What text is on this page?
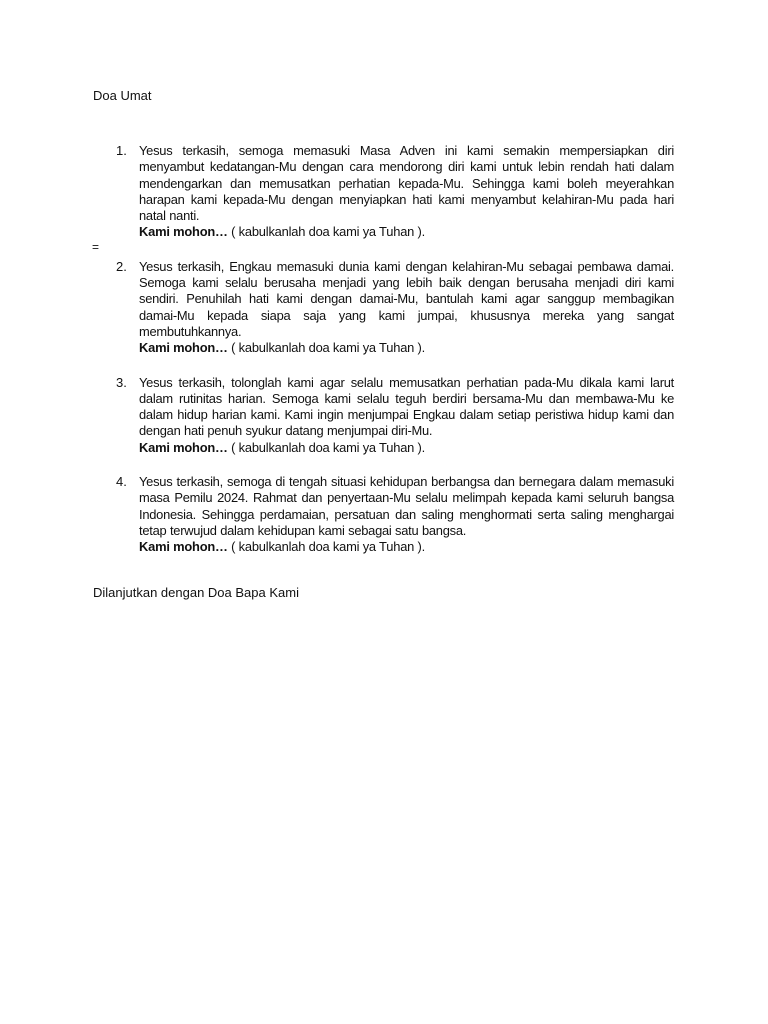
Doa Umat
1. Yesus terkasih, semoga memasuki Masa Adven ini kami semakin mempersiapkan diri menyambut kedatangan-Mu dengan cara mendorong diri kami untuk lebin rendah hati dalam mendengarkan dan memusatkan perhatian kepada-Mu. Sehingga kami boleh meyerahkan harapan kami kepada-Mu dengan menyiapkan hati kami menyambut kelahiran-Mu pada hari natal nanti.
Kami mohon… ( kabulkanlah doa kami ya Tuhan ).
2. Yesus terkasih, Engkau memasuki dunia kami dengan kelahiran-Mu sebagai pembawa damai. Semoga kami selalu berusaha menjadi yang lebih baik dengan berusaha menjadi diri kami sendiri. Penuhilah hati kami dengan damai-Mu, bantulah kami agar sanggup membagikan damai-Mu kepada siapa saja yang kami jumpai, khususnya mereka yang sangat membutuhkannya.
Kami mohon… ( kabulkanlah doa kami ya Tuhan ).
3. Yesus terkasih, tolonglah kami agar selalu memusatkan perhatian pada-Mu dikala kami larut dalam rutinitas harian. Semoga kami selalu teguh berdiri bersama-Mu dan membawa-Mu ke dalam hidup harian kami. Kami ingin menjumpai Engkau dalam setiap peristiwa hidup kami dan dengan hati penuh syukur datang menjumpai diri-Mu.
Kami mohon… ( kabulkanlah doa kami ya Tuhan ).
4. Yesus terkasih, semoga di tengah situasi kehidupan berbangsa dan bernegara dalam memasuki masa Pemilu 2024. Rahmat dan penyertaan-Mu selalu melimpah kepada kami seluruh bangsa Indonesia. Sehingga perdamaian, persatuan dan saling menghormati serta saling menghargai tetap terwujud dalam kehidupan kami sebagai satu bangsa.
Kami mohon… ( kabulkanlah doa kami ya Tuhan ).
=
Dilanjutkan dengan Doa Bapa Kami
